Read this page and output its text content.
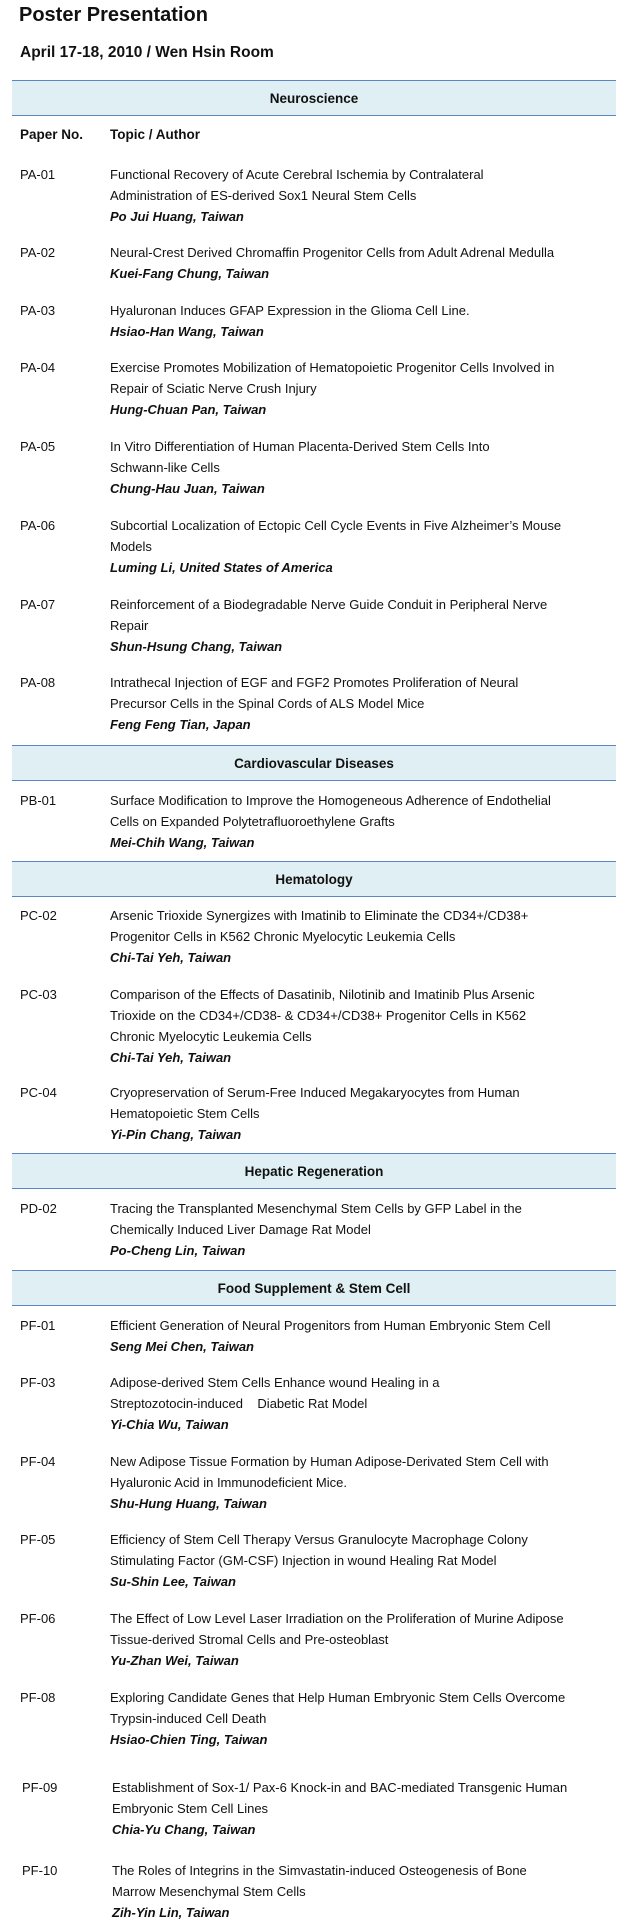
Poster Presentation
April 17-18, 2010 / Wen Hsin Room
Neuroscience
Paper No. Topic / Author
Cardiovascular Diseases
Hematology
Hepatic Regeneration
Food Supplement & Stem Cell
PA-01	Functional Recovery of Acute Cerebral Ischemia by Contralateral
Administration of ES-derived Sox1 Neural Stem Cells
Po Jui Huang, Taiwan
PA-02	Neural-Crest Derived Chromaffin Progenitor Cells from Adult Adrenal Medulla
Kuei-Fang Chung, Taiwan
PA-03	Hyaluronan Induces GFAP Expression in the Glioma Cell Line.
Hsiao-Han Wang, Taiwan
PA-04	Exercise Promotes Mobilization of Hematopoietic Progenitor Cells Involved in
Repair of Sciatic Nerve Crush Injury
Hung-Chuan Pan, Taiwan
PA-05	In Vitro Differentiation of Human Placenta-Derived Stem Cells Into
Schwann-like Cells
Chung-Hau Juan, Taiwan
PA-06	Subcortial Localization of Ectopic Cell Cycle Events in Five Alzheimer’s Mouse
Models
Luming Li, United States of America
PA-07	Reinforcement of a Biodegradable Nerve Guide Conduit in Peripheral Nerve
Repair
Shun-Hsung Chang, Taiwan
PA-08	Intrathecal Injection of EGF and FGF2 Promotes Proliferation of Neural
Precursor Cells in the Spinal Cords of ALS Model Mice
Feng Feng Tian, Japan
PB-01	Surface Modification to Improve the Homogeneous Adherence of Endothelial
Cells on Expanded Polytetrafluoroethylene Grafts
Mei-Chih Wang, Taiwan
PC-02	Arsenic Trioxide Synergizes with Imatinib to Eliminate the CD34+/CD38+
Progenitor Cells in K562 Chronic Myelocytic Leukemia Cells
Chi-Tai Yeh, Taiwan
PC-03	Comparison of the Effects of Dasatinib, Nilotinib and Imatinib Plus Arsenic
Trioxide on the CD34+/CD38- & CD34+/CD38+ Progenitor Cells in K562
Chronic Myelocytic Leukemia Cells
Chi-Tai Yeh, Taiwan
PC-04	Cryopreservation of Serum-Free Induced Megakaryocytes from Human
Hematopoietic Stem Cells
Yi-Pin Chang, Taiwan
PD-02	Tracing the Transplanted Mesenchymal Stem Cells by GFP Label in the
Chemically Induced Liver Damage Rat Model
Po-Cheng Lin, Taiwan
PF-01	Efficient Generation of Neural Progenitors from Human Embryonic Stem Cell
Seng Mei Chen, Taiwan
PF-03	Adipose-derived Stem Cells Enhance wound Healing in a
Streptozotocin-induced    Diabetic Rat Model
Yi-Chia Wu, Taiwan
PF-04	New Adipose Tissue Formation by Human Adipose-Derivated Stem Cell with
Hyaluronic Acid in Immunodeficient Mice.
Shu-Hung Huang, Taiwan
PF-05	Efficiency of Stem Cell Therapy Versus Granulocyte Macrophage Colony
Stimulating Factor (GM-CSF) Injection in wound Healing Rat Model
Su-Shin Lee, Taiwan
PF-06	The Effect of Low Level Laser Irradiation on the Proliferation of Murine Adipose
Tissue-derived Stromal Cells and Pre-osteoblast
Yu-Zhan Wei, Taiwan
PF-08	Exploring Candidate Genes that Help Human Embryonic Stem Cells Overcome
Trypsin-induced Cell Death
Hsiao-Chien Ting, Taiwan
PF-09	Establishment of Sox-1/ Pax-6 Knock-in and BAC-mediated Transgenic Human
Embryonic Stem Cell Lines
Chia-Yu Chang, Taiwan
PF-10	The Roles of Integrins in the Simvastatin-induced Osteogenesis of Bone
Marrow Mesenchymal Stem Cells
Zih-Yin Lin, Taiwan
